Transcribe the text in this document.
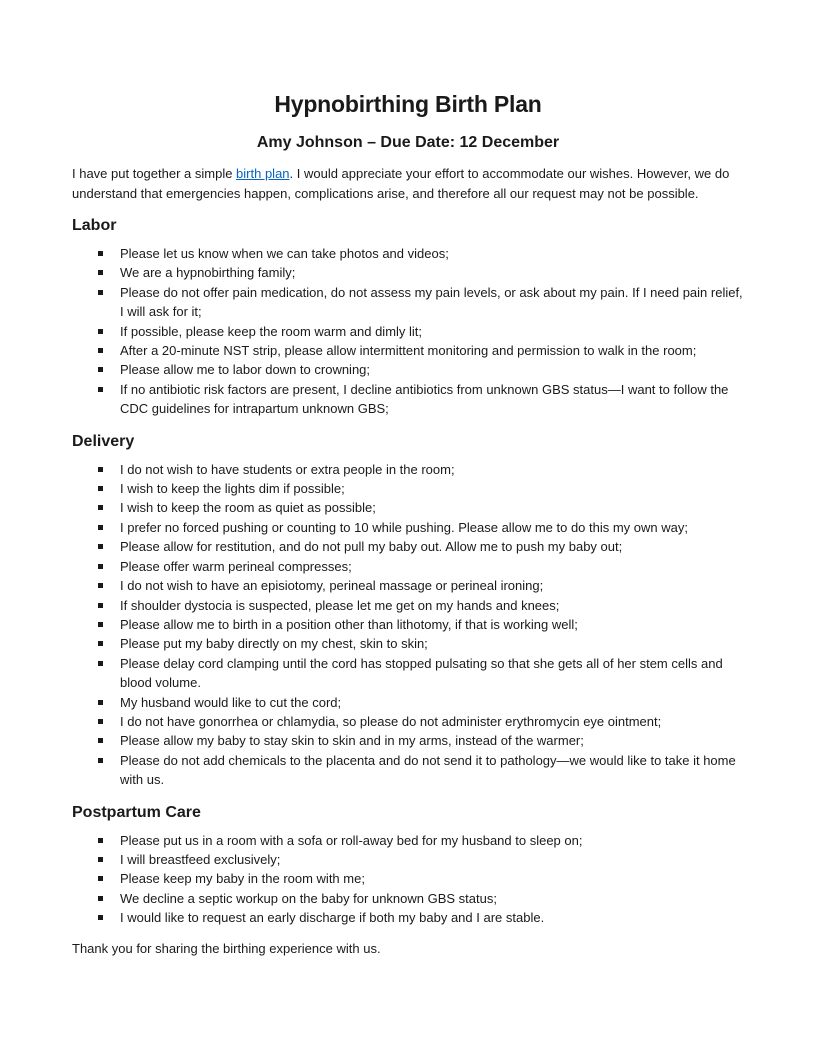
Hypnobirthing Birth Plan
Amy Johnson – Due Date: 12 December

I have put together a simple birth plan. I would appreciate your effort to accommodate our wishes. However, we do understand that emergencies happen, complications arise, and therefore all our request may not be possible.

Labor
Please let us know when we can take photos and videos;
We are a hypnobirthing family;
Please do not offer pain medication, do not assess my pain levels, or ask about my pain. If I need pain relief, I will ask for it;
If possible, please keep the room warm and dimly lit;
After a 20-minute NST strip, please allow intermittent monitoring and permission to walk in the room;
Please allow me to labor down to crowning;
If no antibiotic risk factors are present, I decline antibiotics from unknown GBS status—I want to follow the CDC guidelines for intrapartum unknown GBS;
Delivery
I do not wish to have students or extra people in the room;
I wish to keep the lights dim if possible;
I wish to keep the room as quiet as possible;
I prefer no forced pushing or counting to 10 while pushing. Please allow me to do this my own way;
Please allow for restitution, and do not pull my baby out. Allow me to push my baby out;
Please offer warm perineal compresses;
I do not wish to have an episiotomy, perineal massage or perineal ironing;
If shoulder dystocia is suspected, please let me get on my hands and knees;
Please allow me to birth in a position other than lithotomy, if that is working well;
Please put my baby directly on my chest, skin to skin;
Please delay cord clamping until the cord has stopped pulsating so that she gets all of her stem cells and blood volume.
My husband would like to cut the cord;
I do not have gonorrhea or chlamydia, so please do not administer erythromycin eye ointment;
Please allow my baby to stay skin to skin and in my arms, instead of the warmer;
Please do not add chemicals to the placenta and do not send it to pathology—we would like to take it home with us.
Postpartum Care
Please put us in a room with a sofa or roll-away bed for my husband to sleep on;
I will breastfeed exclusively;
Please keep my baby in the room with me;
We decline a septic workup on the baby for unknown GBS status;
I would like to request an early discharge if both my baby and I are stable.

Thank you for sharing the birthing experience with us.
